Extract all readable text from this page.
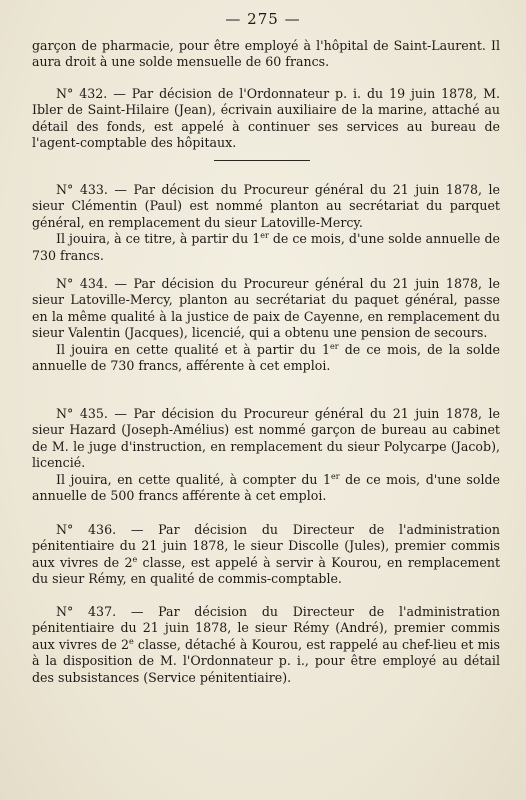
— 275 —

garçon de pharmacie, pour être employé à l'hôpital de Saint-Laurent. Il aura droit à une solde mensuelle de 60 francs.

N° 432. — Par décision de l'Ordonnateur p. i. du 19 juin 1878, M. Ibler de Saint-Hilaire (Jean), écrivain auxiliaire de la marine, attaché au détail des fonds, est appelé à continuer ses services au bureau de l'agent-comptable des hôpitaux.

N° 433. — Par décision du Procureur général du 21 juin 1878, le sieur Clémentin (Paul) est nommé planton au secrétariat du parquet général, en remplacement du sieur Latoville-Mercy.

Il jouira, à ce titre, à partir du 1er de ce mois, d'une solde annuelle de 730 francs.

N° 434. — Par décision du Procureur général du 21 juin 1878, le sieur Latoville-Mercy, planton au secrétariat du paquet général, passe en la même qualité à la justice de paix de Cayenne, en remplacement du sieur Valentin (Jacques), licencié, qui a obtenu une pension de secours.

Il jouira en cette qualité et à partir du 1er de ce mois, de la solde annuelle de 730 francs, afférente à cet emploi.

N° 435. — Par décision du Procureur général du 21 juin 1878, le sieur Hazard (Joseph-Amélius) est nommé garçon de bureau au cabinet de M. le juge d'instruction, en remplacement du sieur Polycarpe (Jacob), licencié.

Il jouira, en cette qualité, à compter du 1er de ce mois, d'une solde annuelle de 500 francs afférente à cet emploi.

N° 436. — Par décision du Directeur de l'administration pénitentiaire du 21 juin 1878, le sieur Discolle (Jules), premier commis aux vivres de 2e classe, est appelé à servir à Kourou, en remplacement du sieur Rémy, en qualité de commis-comptable.

N° 437. — Par décision du Directeur de l'administration pénitentiaire du 21 juin 1878, le sieur Rémy (André), premier commis aux vivres de 2e classe, détaché à Kourou, est rappelé au chef-lieu et mis à la disposition de M. l'Ordonnateur p. i., pour être employé au détail des subsistances (Service pénitentiaire).
